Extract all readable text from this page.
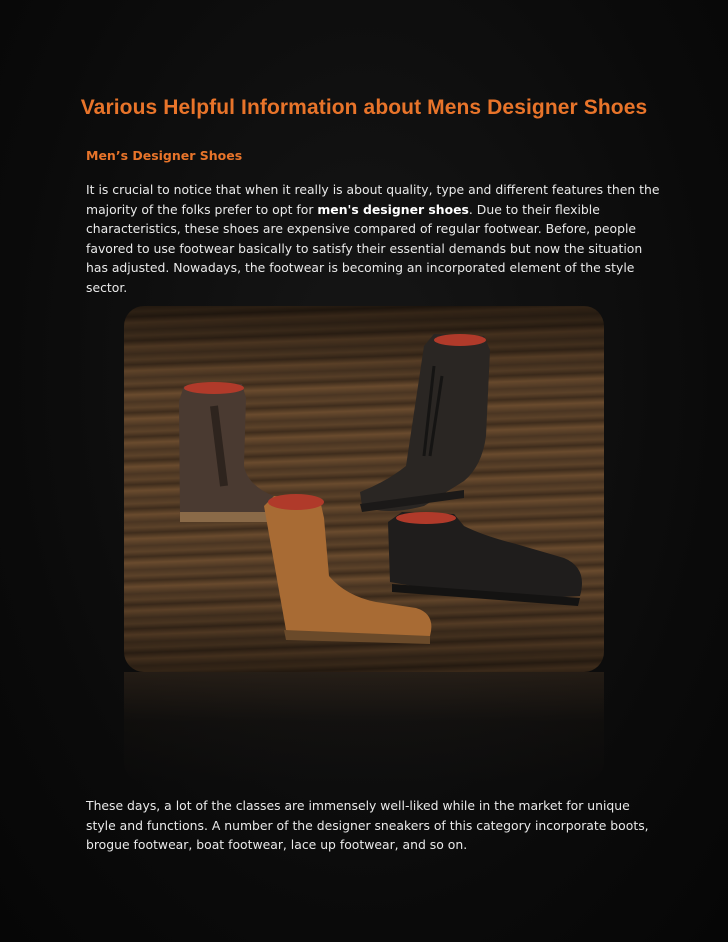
Various Helpful Information about Mens Designer Shoes
Men’s Designer Shoes
It is crucial to notice that when it really is about quality, type and different features then the majority of the folks prefer to opt for men's designer shoes. Due to their flexible characteristics, these shoes are expensive compared of regular footwear. Before, people favored to use footwear basically to satisfy their essential demands but now the situation has adjusted. Nowadays, the footwear is becoming an incorporated element of the style sector.
These days, a lot of the classes are immensely well-liked while in the market for unique style and functions. A number of the designer sneakers of this category incorporate boots, brogue footwear, boat footwear, lace up footwear, and so on.
